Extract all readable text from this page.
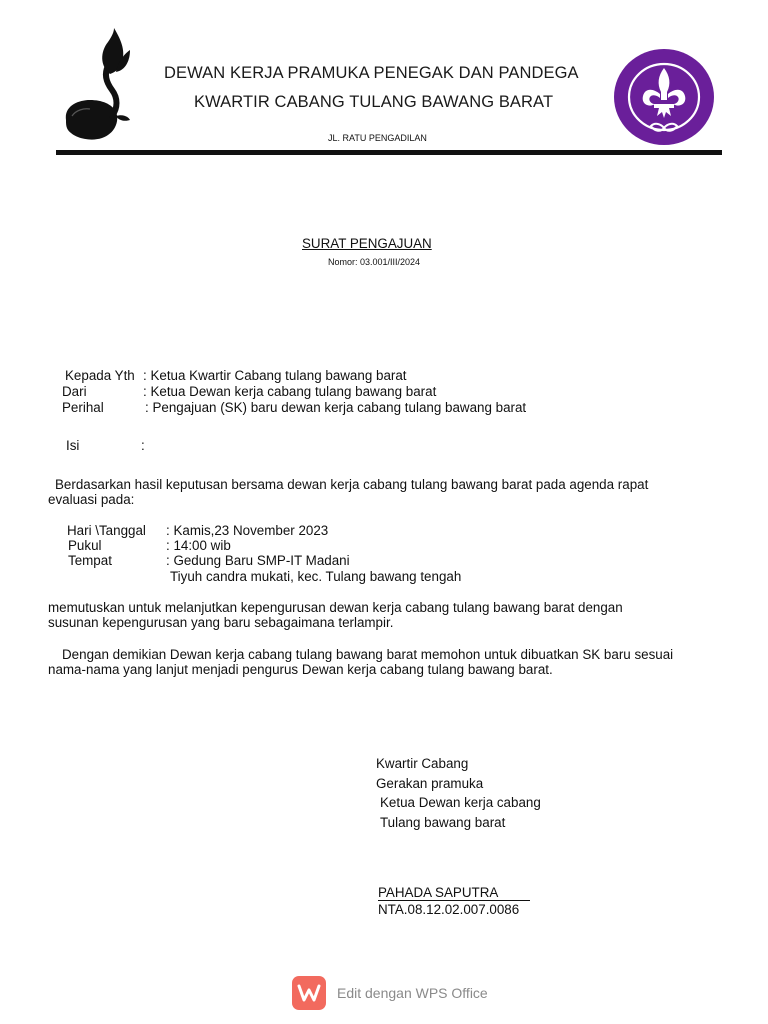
DEWAN KERJA PRAMUKA PENEGAK DAN PANDEGA
KWARTIR CABANG TULANG BAWANG BARAT
JL. RATU PENGADILAN
SURAT PENGAJUAN
Nomor: 03.001/III/2024
Kepada Yth : Ketua Kwartir Cabang tulang bawang barat
Dari	: Ketua Dewan kerja cabang tulang bawang barat
Perihal	: Pengajuan (SK) baru dewan kerja cabang tulang bawang barat
Isi	:
Berdasarkan hasil keputusan bersama dewan kerja cabang tulang bawang barat pada agenda rapat
evaluasi pada:
Hari \Tanggal : Kamis,23 November 2023
Pukul	: 14:00 wib
Tempat	: Gedung Baru SMP-IT Madani
Tiyuh candra mukati, kec. Tulang bawang tengah
memutuskan untuk melanjutkan kepengurusan dewan kerja cabang tulang bawang barat dengan
susunan kepengurusan yang baru sebagaimana terlampir.
Dengan demikian Dewan kerja cabang tulang bawang barat memohon untuk dibuatkan SK baru sesuai
nama-nama yang lanjut menjadi pengurus Dewan kerja cabang tulang bawang barat.
Kwartir Cabang
Gerakan pramuka
Ketua Dewan kerja cabang
Tulang bawang barat
PAHADA SAPUTRA
NTA.08.12.02.007.0086
Edit dengan WPS Office
